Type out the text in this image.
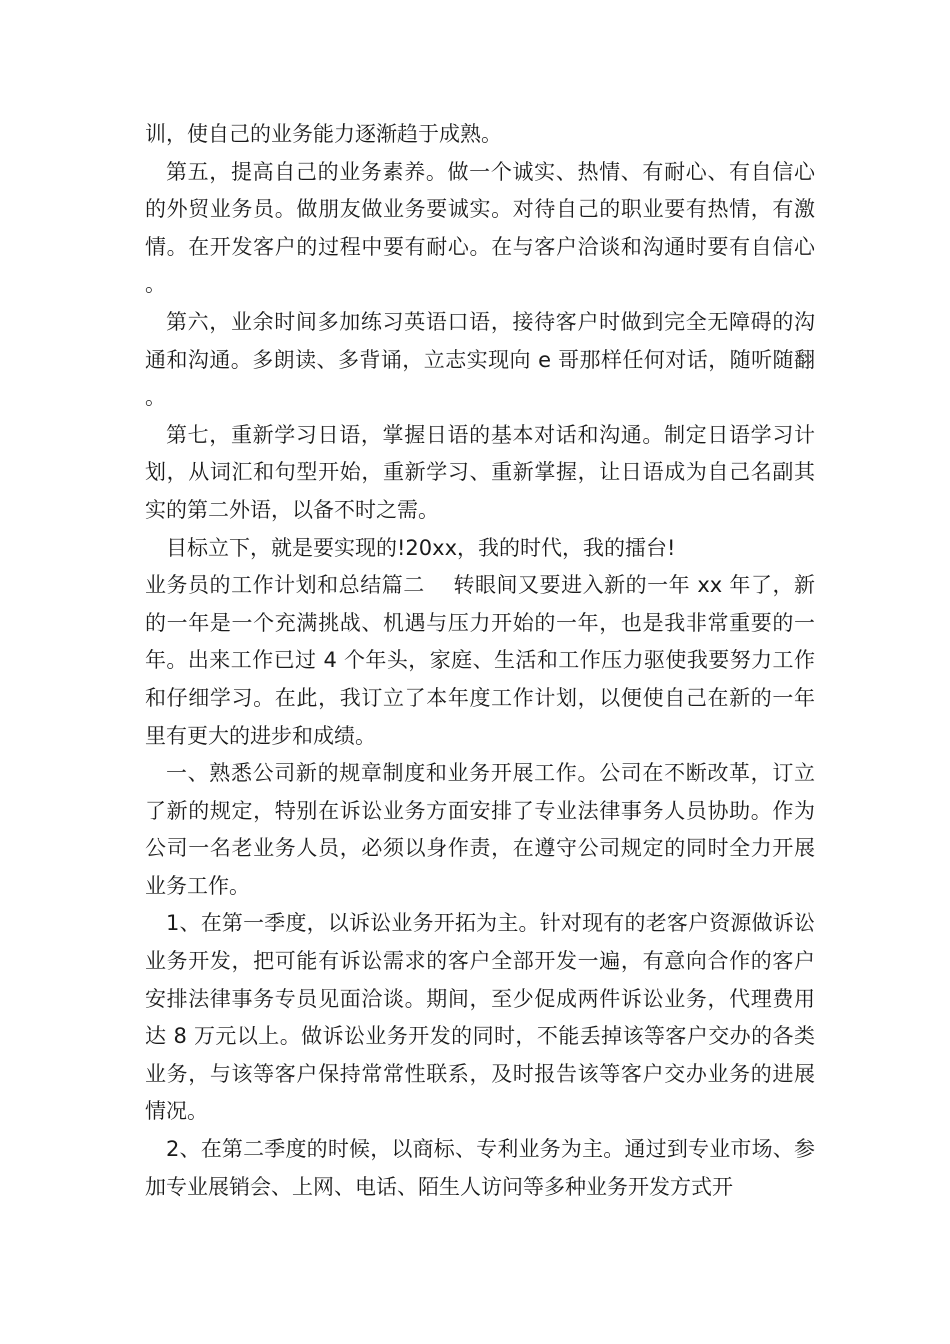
训，使自己的业务能力逐渐趋于成熟。

第五，提高自己的业务素养。做一个诚实、热情、有耐心、有自信心的外贸业务员。做朋友做业务要诚实。对待自己的职业要有热情，有激情。在开发客户的过程中要有耐心。在与客户洽谈和沟通时要有自信心。

第六，业余时间多加练习英语口语，接待客户时做到完全无障碍的沟通和沟通。多朗读、多背诵，立志实现向 e 哥那样任何对话，随听随翻。

第七，重新学习日语，掌握日语的基本对话和沟通。制定日语学习计划，从词汇和句型开始，重新学习、重新掌握，让日语成为自己名副其实的第二外语，以备不时之需。

目标立下，就是要实现的!20xx，我的时代，我的擂台!

业务员的工作计划和总结篇二　 转眼间又要进入新的一年 xx 年了，新的一年是一个充满挑战、机遇与压力开始的一年，也是我非常重要的一年。出来工作已过 4 个年头，家庭、生活和工作压力驱使我要努力工作和仔细学习。在此，我订立了本年度工作计划，以便使自己在新的一年里有更大的进步和成绩。

一、熟悉公司新的规章制度和业务开展工作。公司在不断改革，订立了新的规定，特别在诉讼业务方面安排了专业法律事务人员协助。作为公司一名老业务人员，必须以身作责，在遵守公司规定的同时全力开展业务工作。

1、在第一季度，以诉讼业务开拓为主。针对现有的老客户资源做诉讼业务开发，把可能有诉讼需求的客户全部开发一遍，有意向合作的客户安排法律事务专员见面洽谈。期间，至少促成两件诉讼业务，代理费用达 8 万元以上。做诉讼业务开发的同时，不能丢掉该等客户交办的各类业务，与该等客户保持常常性联系，及时报告该等客户交办业务的进展情况。

2、在第二季度的时候，以商标、专利业务为主。通过到专业市场、参加专业展销会、上网、电话、陌生人访问等多种业务开发方式开
